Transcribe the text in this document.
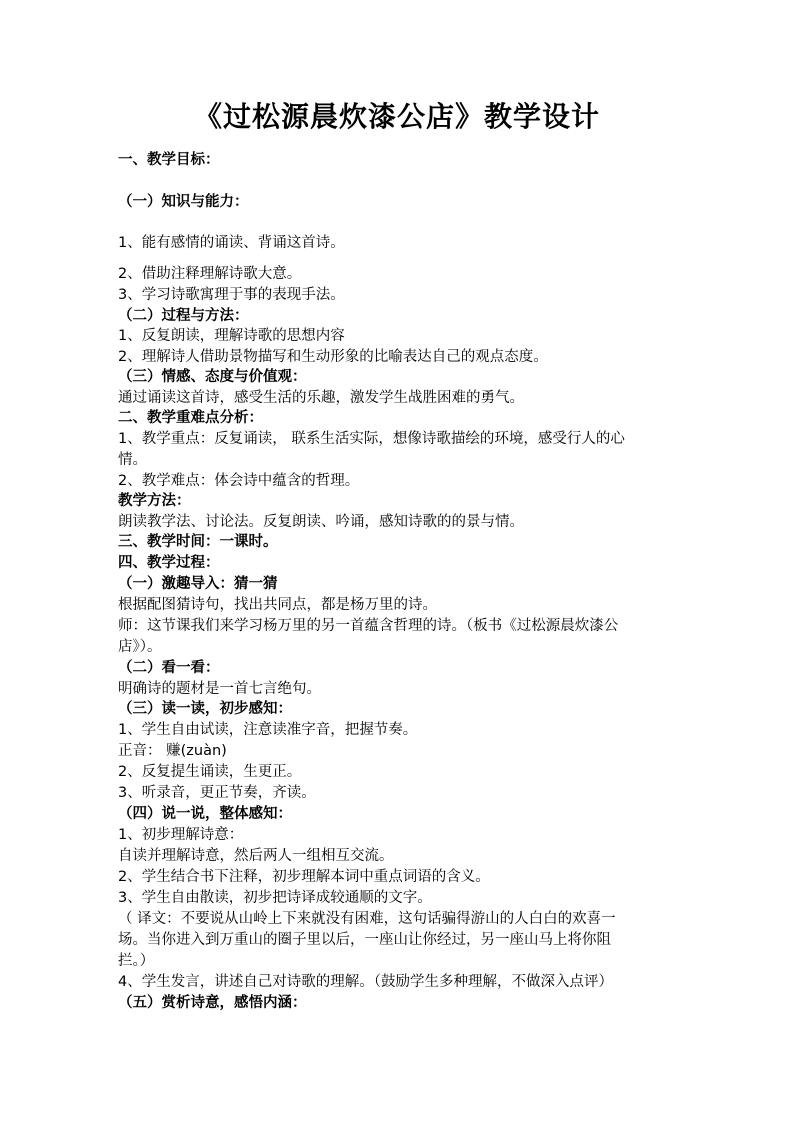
《过松源晨炊漆公店》教学设计
一、教学目标：
（一）知识与能力：
1、能有感情的诵读、背诵这首诗。
2、借助注释理解诗歌大意。
3、学习诗歌寓理于事的表现手法。
（二）过程与方法：
1、反复朗读，理解诗歌的思想内容
2、理解诗人借助景物描写和生动形象的比喻表达自己的观点态度。
（三）情感、态度与价值观：
通过诵读这首诗，感受生活的乐趣，激发学生战胜困难的勇气。
二、教学重难点分析：
1、教学重点：反复诵读， 联系生活实际，想像诗歌描绘的环境，感受行人的心
情。
2、教学难点：体会诗中蕴含的哲理。
教学方法：
朗读教学法、讨论法。反复朗读、吟诵，感知诗歌的的景与情。
三、教学时间：一课时。
四、教学过程：
（一）激趣导入：猜一猜
根据配图猜诗句，找出共同点，都是杨万里的诗。
师：这节课我们来学习杨万里的另一首蕴含哲理的诗。（板书《过松源晨炊漆公
店》）。
（二）看一看：
明确诗的题材是一首七言绝句。
（三）读一读，初步感知：
1、学生自由试读，注意读准字音，把握节奏。
正音： 赚(zuàn)
2、反复提生诵读，生更正。
3、听录音，更正节奏，齐读。
（四）说一说，整体感知：
1、初步理解诗意：
自读并理解诗意，然后两人一组相互交流。
2、学生结合书下注释，初步理解本词中重点词语的含义。
3、学生自由散读，初步把诗译成较通顺的文字。
（ 译文：不要说从山岭上下来就没有困难，这句话骗得游山的人白白的欢喜一
场。当你进入到万重山的圈子里以后，一座山让你经过，另一座山马上将你阻
拦。）
4、学生发言，讲述自己对诗歌的理解。（鼓励学生多种理解，不做深入点评）
（五）赏析诗意，感悟内涵：
